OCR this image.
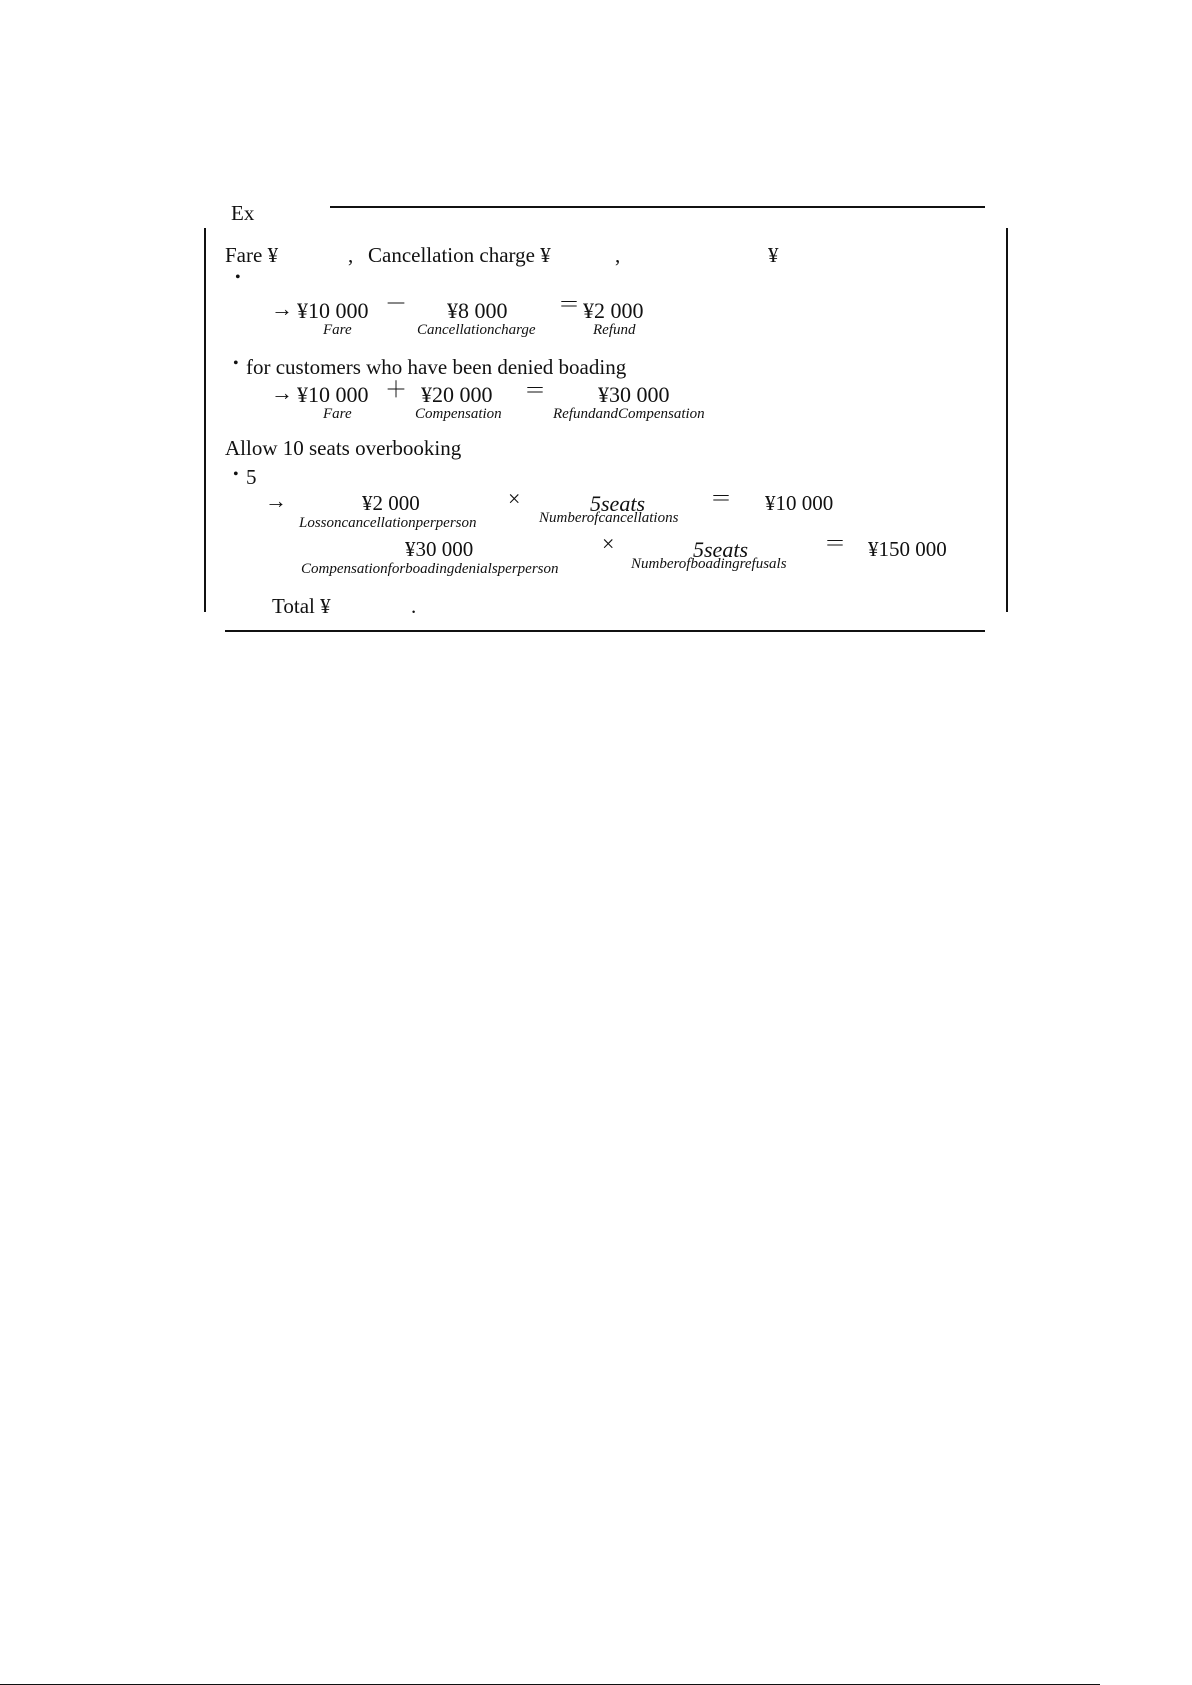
Ex
Fare ¥	, Cancellation charge ¥	,	¥
•
→ ¥10 000 － ¥8 000 ＝ ¥2 000
Fare	Cancellationcharge	Refund
• for customers who have been denied boading
→ ¥10 000 ＋ ¥20 000 ＝ ¥30 000
Fare	Compensation	RefundandCompensation
Allow 10 seats overbooking
• 5
→	¥2 000	×	5seats	＝ ¥10 000
Lossoncancellationperperson	Numberofcancellations
¥30 000	×	5seats	＝ ¥150 000
Compensationforboadingdenialsperperson	Numberofboadingrefusals
Total ¥	.
